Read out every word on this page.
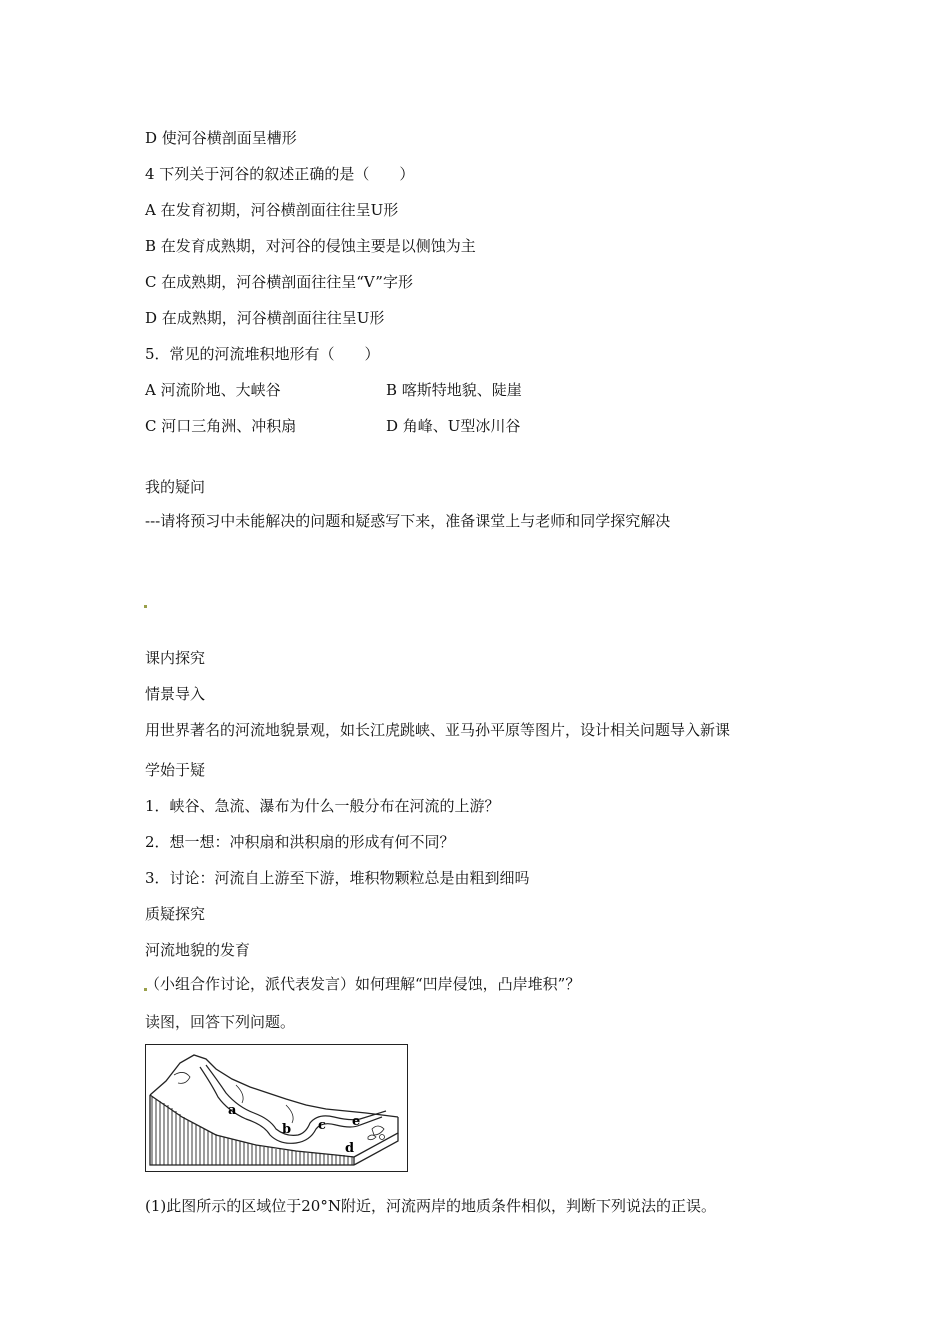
D 使河谷横剖面呈槽形
4 下列关于河谷的叙述正确的是（　　）
A 在发育初期，河谷横剖面往往呈U形
B 在发育成熟期，对河谷的侵蚀主要是以侧蚀为主
C 在成熟期，河谷横剖面往往呈“V”字形
D 在成熟期，河谷横剖面往往呈U形
5．常见的河流堆积地形有（　　）
A 河流阶地、大峡谷	B 喀斯特地貌、陡崖
C 河口三角洲、冲积扇	D 角峰、U型冰川谷
我的疑问
---请将预习中未能解决的问题和疑惑写下来，准备课堂上与老师和同学探究解决
课内探究
情景导入
用世界著名的河流地貌景观，如长江虎跳峡、亚马孙平原等图片，设计相关问题导入新课
学始于疑
1．峡谷、急流、瀑布为什么一般分布在河流的上游？
2．想一想：冲积扇和洪积扇的形成有何不同？
3．讨论：河流自上游至下游，堆积物颗粒总是由粗到细吗
质疑探究
河流地貌的发育
（小组合作讨论，派代表发言）如何理解“凹岸侵蚀，凸岸堆积”？
读图，回答下列问题。
a
b c
d
e
(1)此图所示的区域位于20°N附近，河流两岸的地质条件相似，判断下列说法的正误。
